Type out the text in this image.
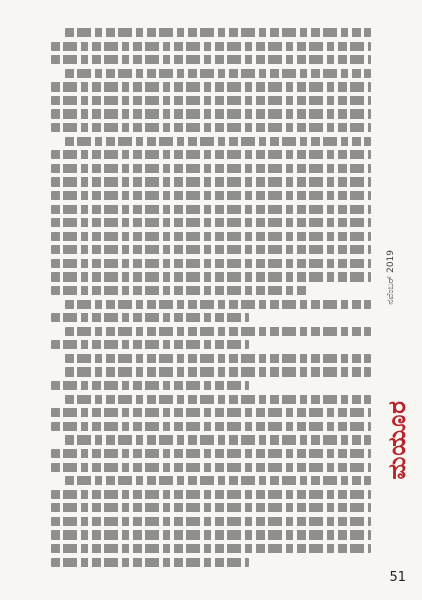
ನವೆಂಬರ್ 2019
ಮಯೂರ
51
